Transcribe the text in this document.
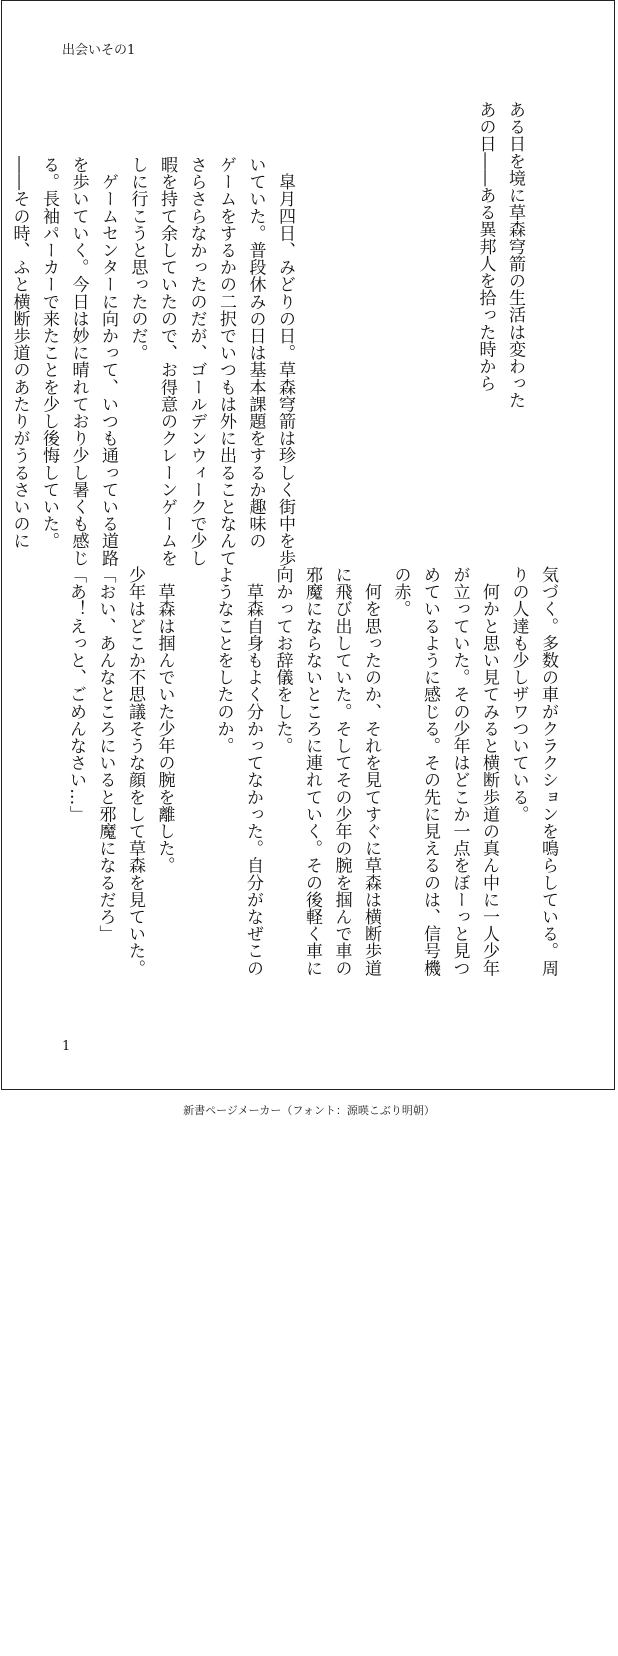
出会いその1
ある日を境に草森穹箭の生活は変わった
あの日――ある異邦人を拾った時から
　皐月四日、みどりの日。草森穹箭は珍しく街中を歩
いていた。普段休みの日は基本課題をするか趣味の
ゲームをするかの二択でいつもは外に出ることなんて
さらさらなかったのだが、ゴールデンウィークで少し
暇を持て余していたので、お得意のクレーンゲームを
しに行こうと思ったのだ。
　ゲームセンターに向かって、いつも通っている道路
を歩いていく。今日は妙に晴れており少し暑くも感じ
る。長袖パーカーで来たことを少し後悔していた。
――その時、ふと横断歩道のあたりがうるさいのに
気づく。多数の車がクラクションを鳴らしている。周
りの人達も少しザワついている。
　何かと思い見てみると横断歩道の真ん中に一人少年
が立っていた。その少年はどこか一点をぼーっと見つ
めているように感じる。その先に見えるのは、信号機
の赤。
　何を思ったのか、それを見てすぐに草森は横断歩道
に飛び出していた。そしてその少年の腕を掴んで車の
邪魔にならないところに連れていく。その後軽く車に
向かってお辞儀をした。
　草森自身もよく分かってなかった。自分がなぜこの
ようなことをしたのか。

　草森は掴んでいた少年の腕を離した。
少年はどこか不思議そうな顔をして草森を見ていた。
「おい、あんなところにいると邪魔になるだろ」
「あ！えっと、ごめんなさい…」
1
新書ページメーカー（フォント：源暎こぶり明朝）
